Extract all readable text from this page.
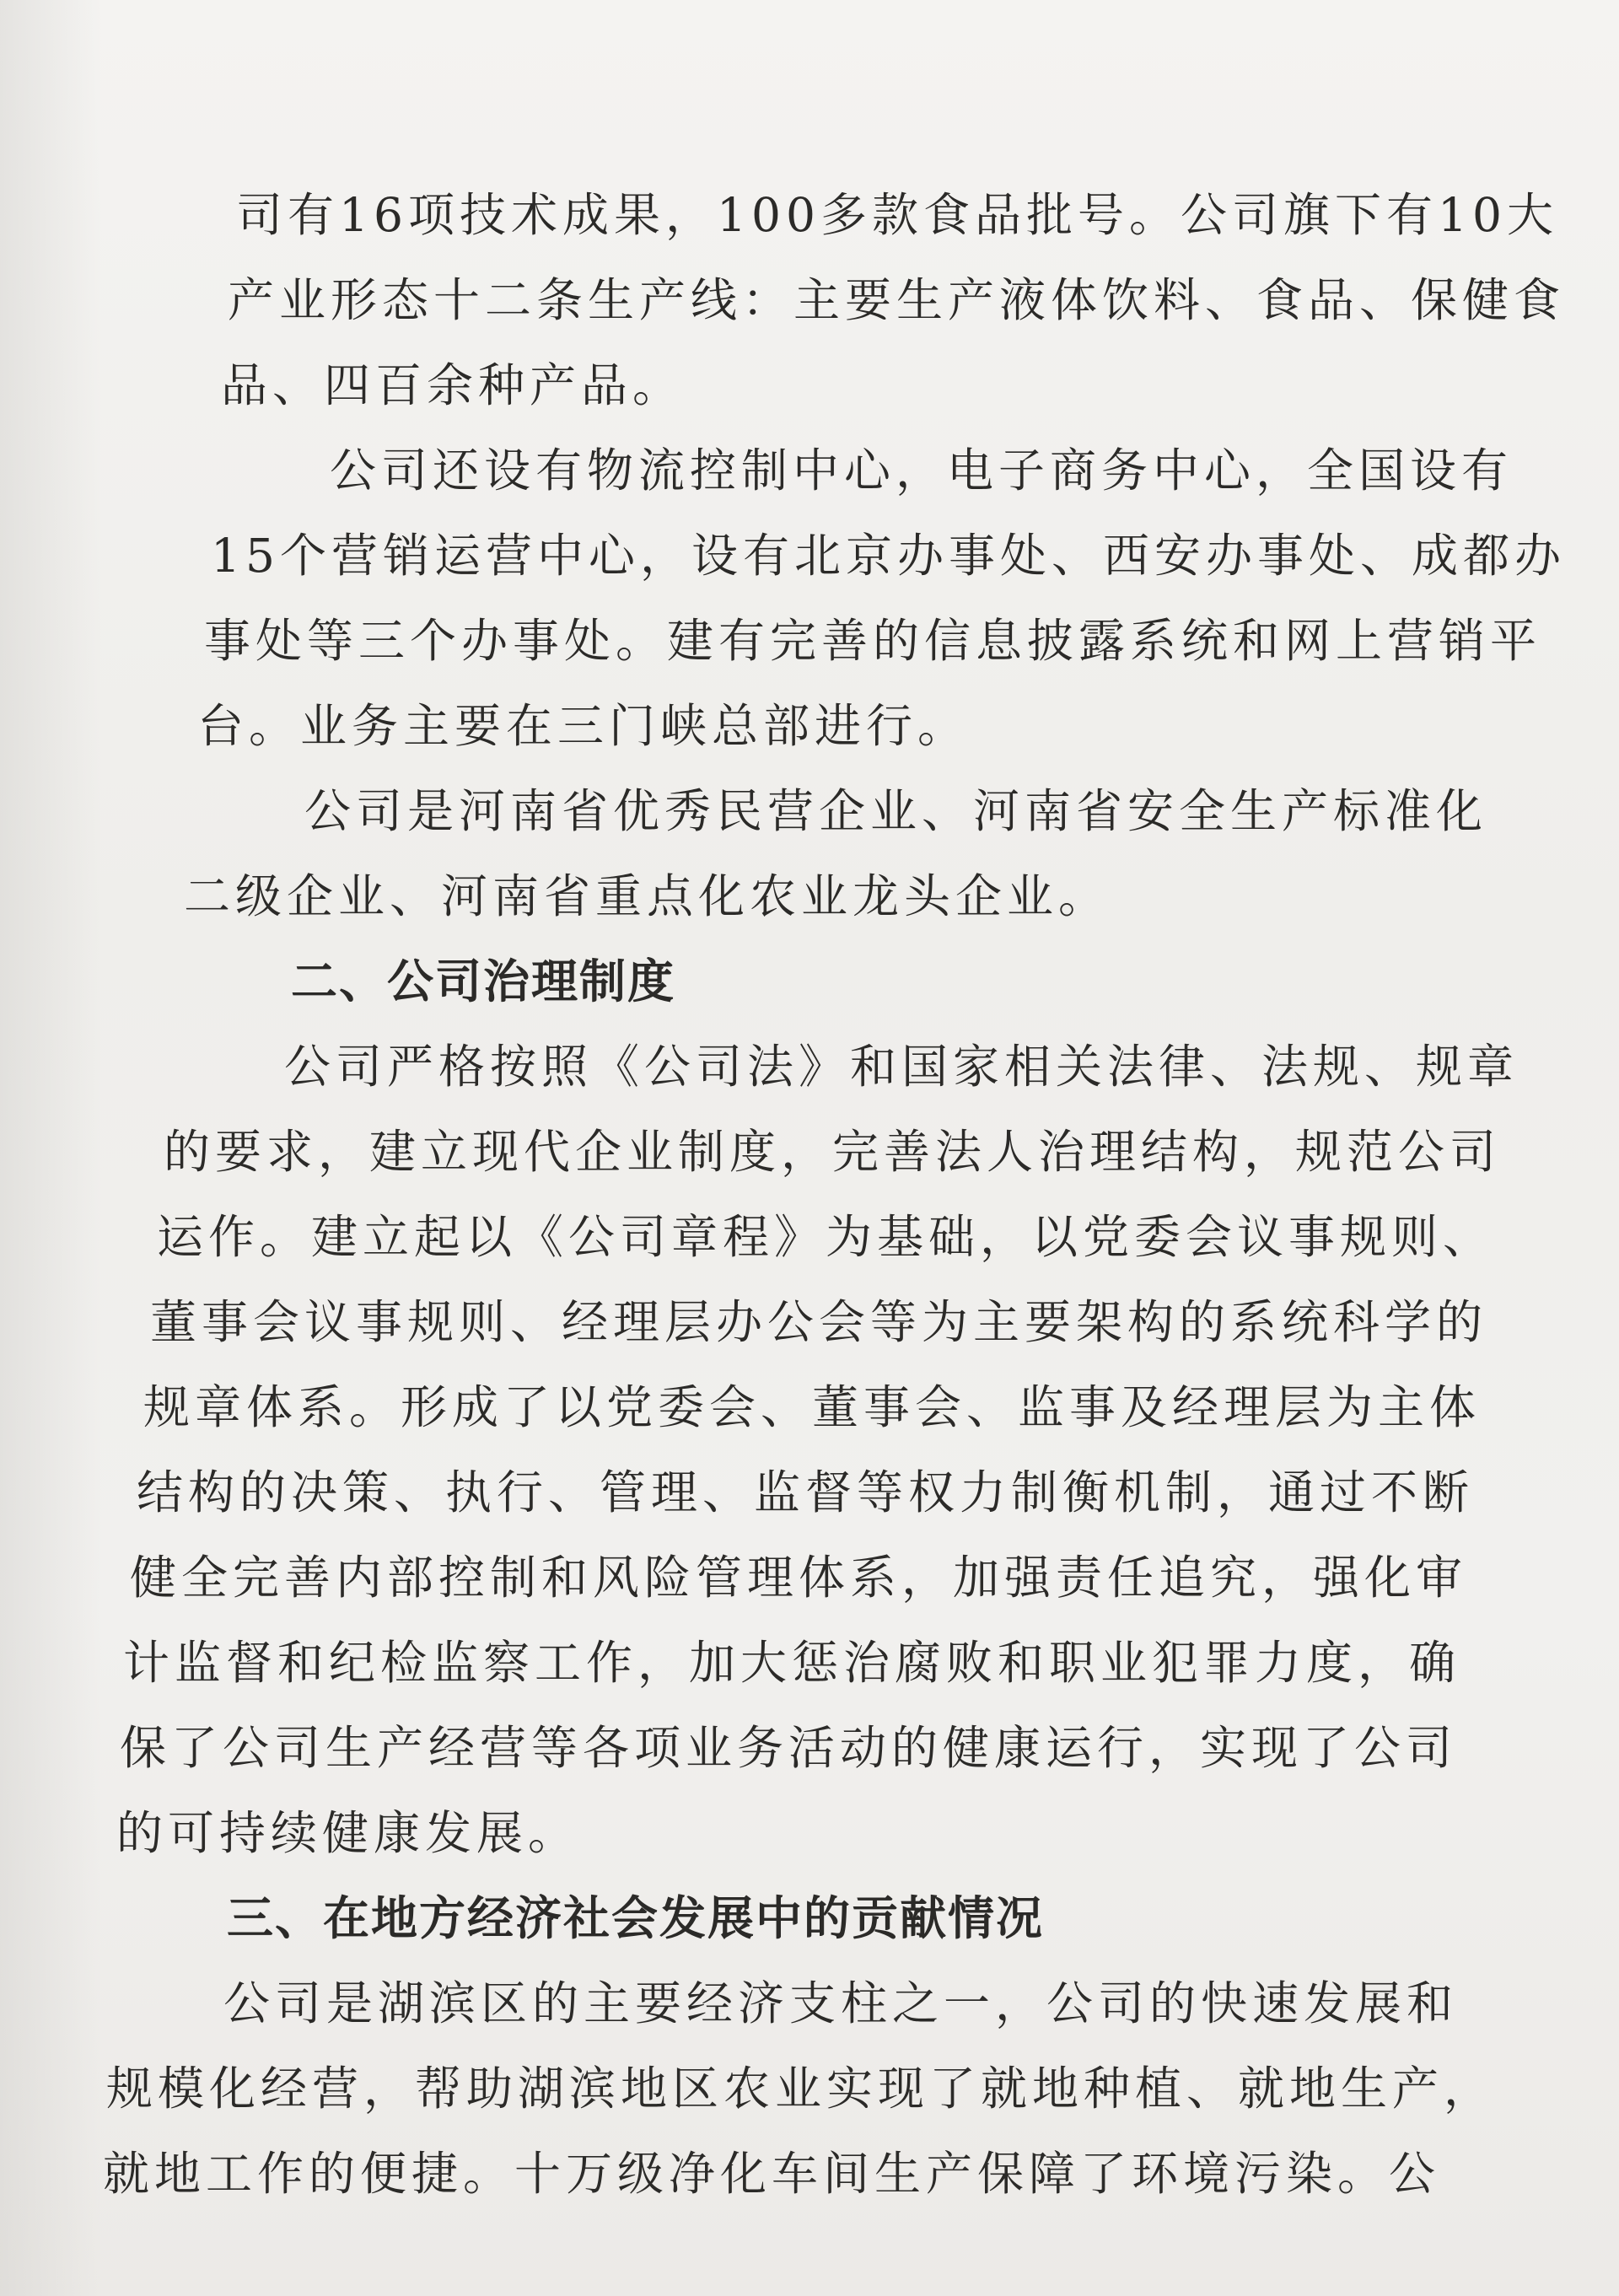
司有16项技术成果，100多款食品批号。公司旗下有10大
产业形态十二条生产线：主要生产液体饮料、食品、保健食
品、四百余种产品。
公司还设有物流控制中心，电子商务中心，全国设有
15个营销运营中心，设有北京办事处、西安办事处、成都办
事处等三个办事处。建有完善的信息披露系统和网上营销平
台。业务主要在三门峡总部进行。
公司是河南省优秀民营企业、河南省安全生产标准化
二级企业、河南省重点化农业龙头企业。
二、公司治理制度
公司严格按照《公司法》和国家相关法律、法规、规章
的要求，建立现代企业制度，完善法人治理结构，规范公司
运作。建立起以《公司章程》为基础，以党委会议事规则、
董事会议事规则、经理层办公会等为主要架构的系统科学的
规章体系。形成了以党委会、董事会、监事及经理层为主体
结构的决策、执行、管理、监督等权力制衡机制，通过不断
健全完善内部控制和风险管理体系，加强责任追究，强化审
计监督和纪检监察工作，加大惩治腐败和职业犯罪力度，确
保了公司生产经营等各项业务活动的健康运行，实现了公司
的可持续健康发展。
三、在地方经济社会发展中的贡献情况
公司是湖滨区的主要经济支柱之一，公司的快速发展和
规模化经营，帮助湖滨地区农业实现了就地种植、就地生产，
就地工作的便捷。十万级净化车间生产保障了环境污染。公
